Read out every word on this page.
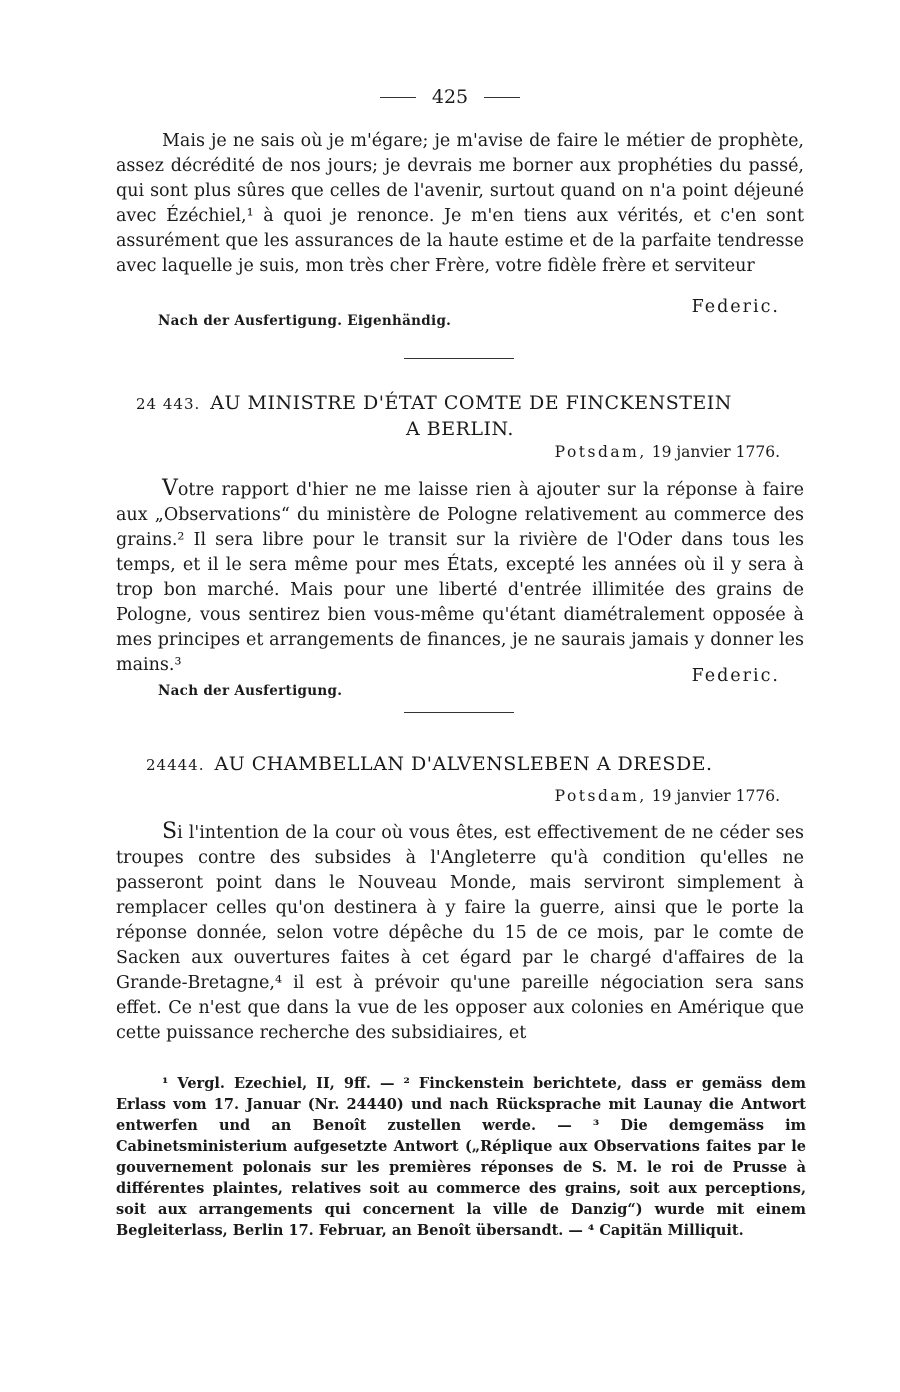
425
Mais je ne sais où je m'égare; je m'avise de faire le métier de prophète, assez décrédité de nos jours; je devrais me borner aux prophéties du passé, qui sont plus sûres que celles de l'avenir, surtout quand on n'a point déjeuné avec Ézéchiel,¹ à quoi je renonce. Je m'en tiens aux vérités, et c'en sont assurément que les assurances de la haute estime et de la parfaite tendresse avec laquelle je suis, mon très cher Frère, votre fidèle frère et serviteur
Federic.
Nach der Ausfertigung. Eigenhändig.
24 443. AU MINISTRE D'ÉTAT COMTE DE FINCKENSTEIN
A BERLIN.
Potsdam, 19 janvier 1776.
Votre rapport d'hier ne me laisse rien à ajouter sur la réponse à faire aux „Observations“ du ministère de Pologne relativement au commerce des grains.² Il sera libre pour le transit sur la rivière de l'Oder dans tous les temps, et il le sera même pour mes États, excepté les années où il y sera à trop bon marché. Mais pour une liberté d'entrée illimitée des grains de Pologne, vous sentirez bien vous-même qu'étant diamétralement opposée à mes principes et arrangements de finances, je ne saurais jamais y donner les mains.³
Federic.
Nach der Ausfertigung.
24444. AU CHAMBELLAN D'ALVENSLEBEN A DRESDE.
Potsdam, 19 janvier 1776.
Si l'intention de la cour où vous êtes, est effectivement de ne céder ses troupes contre des subsides à l'Angleterre qu'à condition qu'elles ne passeront point dans le Nouveau Monde, mais serviront simplement à remplacer celles qu'on destinera à y faire la guerre, ainsi que le porte la réponse donnée, selon votre dépêche du 15 de ce mois, par le comte de Sacken aux ouvertures faites à cet égard par le chargé d'affaires de la Grande-Bretagne,⁴ il est à prévoir qu'une pareille négociation sera sans effet. Ce n'est que dans la vue de les opposer aux colonies en Amérique que cette puissance recherche des subsidiaires, et

¹ Vergl. Ezechiel, II, 9ff. — ² Finckenstein berichtete, dass er gemäss dem Erlass vom 17. Januar (Nr. 24440) und nach Rücksprache mit Launay die Antwort entwerfen und an Benoît zustellen werde. — ³ Die demgemäss im Cabinetsministerium aufgesetzte Antwort („Réplique aux Observations faites par le gouvernement polonais sur les premières réponses de S. M. le roi de Prusse à différentes plaintes, relatives soit au commerce des grains, soit aux perceptions, soit aux arrangements qui concernent la ville de Danzig“) wurde mit einem Begleiterlass, Berlin 17. Februar, an Benoît übersandt. — ⁴ Capitän Milliquit.
